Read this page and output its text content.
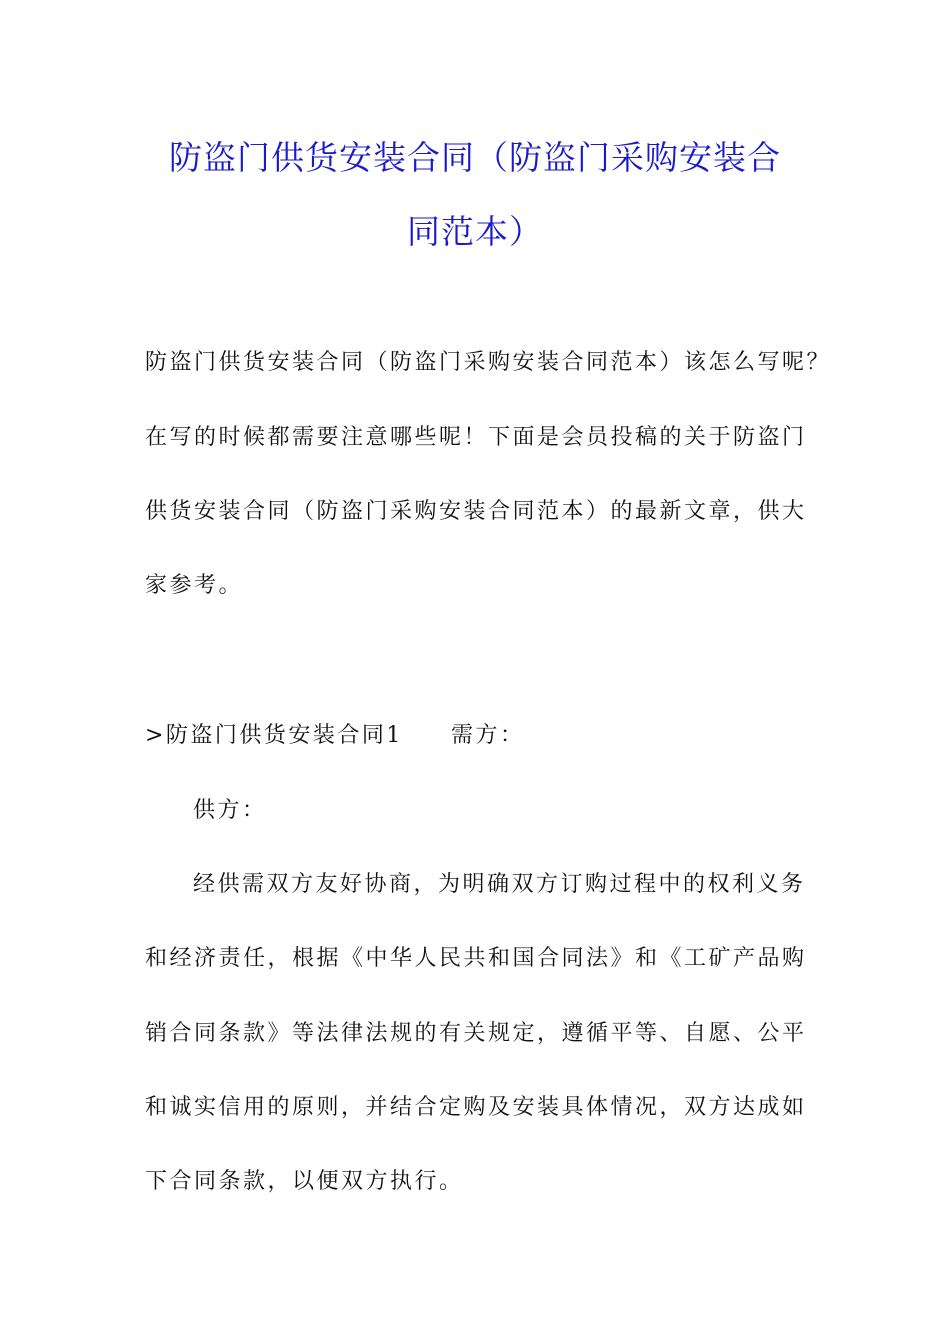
防盗门供货安装合同（防盗门采购安装合
同范本）
防盗门供货安装合同（防盗门采购安装合同范本）该怎么写呢？
在写的时候都需要注意哪些呢！下面是会员投稿的关于防盗门
供货安装合同（防盗门采购安装合同范本）的最新文章，供大
家参考。
>防盗门供货安装合同1 需方：
供方：
经供需双方友好协商，为明确双方订购过程中的权利义务
和经济责任，根据《中华人民共和国合同法》和《工矿产品购
销合同条款》等法律法规的有关规定，遵循平等、自愿、公平
和诚实信用的原则，并结合定购及安装具体情况，双方达成如
下合同条款，以便双方执行。
